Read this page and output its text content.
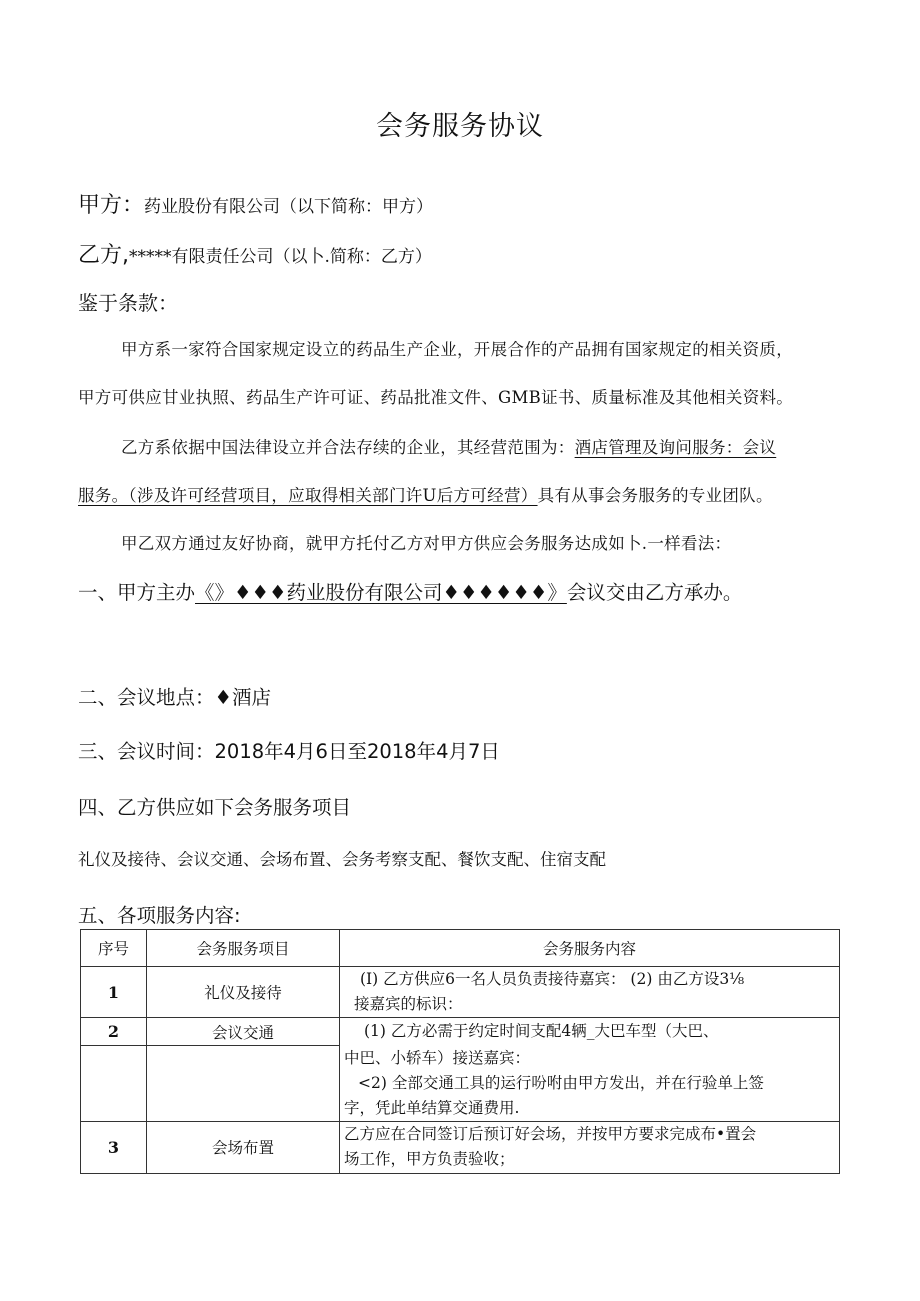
会务服务协议
甲方：药业股份有限公司（以下简称：甲方）
乙方,*****有限责任公司（以卜.简称：乙方）
鉴于条款：
甲方系一家符合国家规定设立的药品生产企业，开展合作的产品拥有国家规定的相关资质，
甲方可供应甘业执照、药品生产许可证、药品批准文件、GMB证书、质量标准及其他相关资料。
乙方系依据中国法律设立并合法存续的企业，其经营范围为：酒店管理及询问服务：会议
服务。（涉及许可经营项目，应取得相关部门许U后方可经营）具有从事会务服务的专业团队。
甲乙双方通过友好协商，就甲方托付乙方对甲方供应会务服务达成如卜.一样看法：
一、甲方主办《》♦♦♦药业股份有限公司♦♦♦♦♦♦》会议交由乙方承办。
二、会议地点：♦酒店
三、会议时间：2018年4月6日至2018年4月7日
四、乙方供应如下会务服务项目
礼仪及接待、会议交通、会场布置、会务考察支配、餐饮支配、住宿支配
五、各项服务内容:
序号	会务服务项目	会务服务内容
1	礼仪及接待	(I) 乙方供应6一名人员负责接待嘉宾： (2) 由乙方设3⅛
接嘉宾的标识：

2	会议交通	(1) 乙方必需于约定时间支配4辆_大巴车型（大巴、

		中巴、小轿车）接送嘉宾：
<2) 全部交通工具的运行吩咐由甲方发出，并在行验单上签
字，凭此单结算交通费用.

3	会场布置	乙方应在合同签订后预订好会场，并按甲方要求完成布•置会
场工作，甲方负责验收；
